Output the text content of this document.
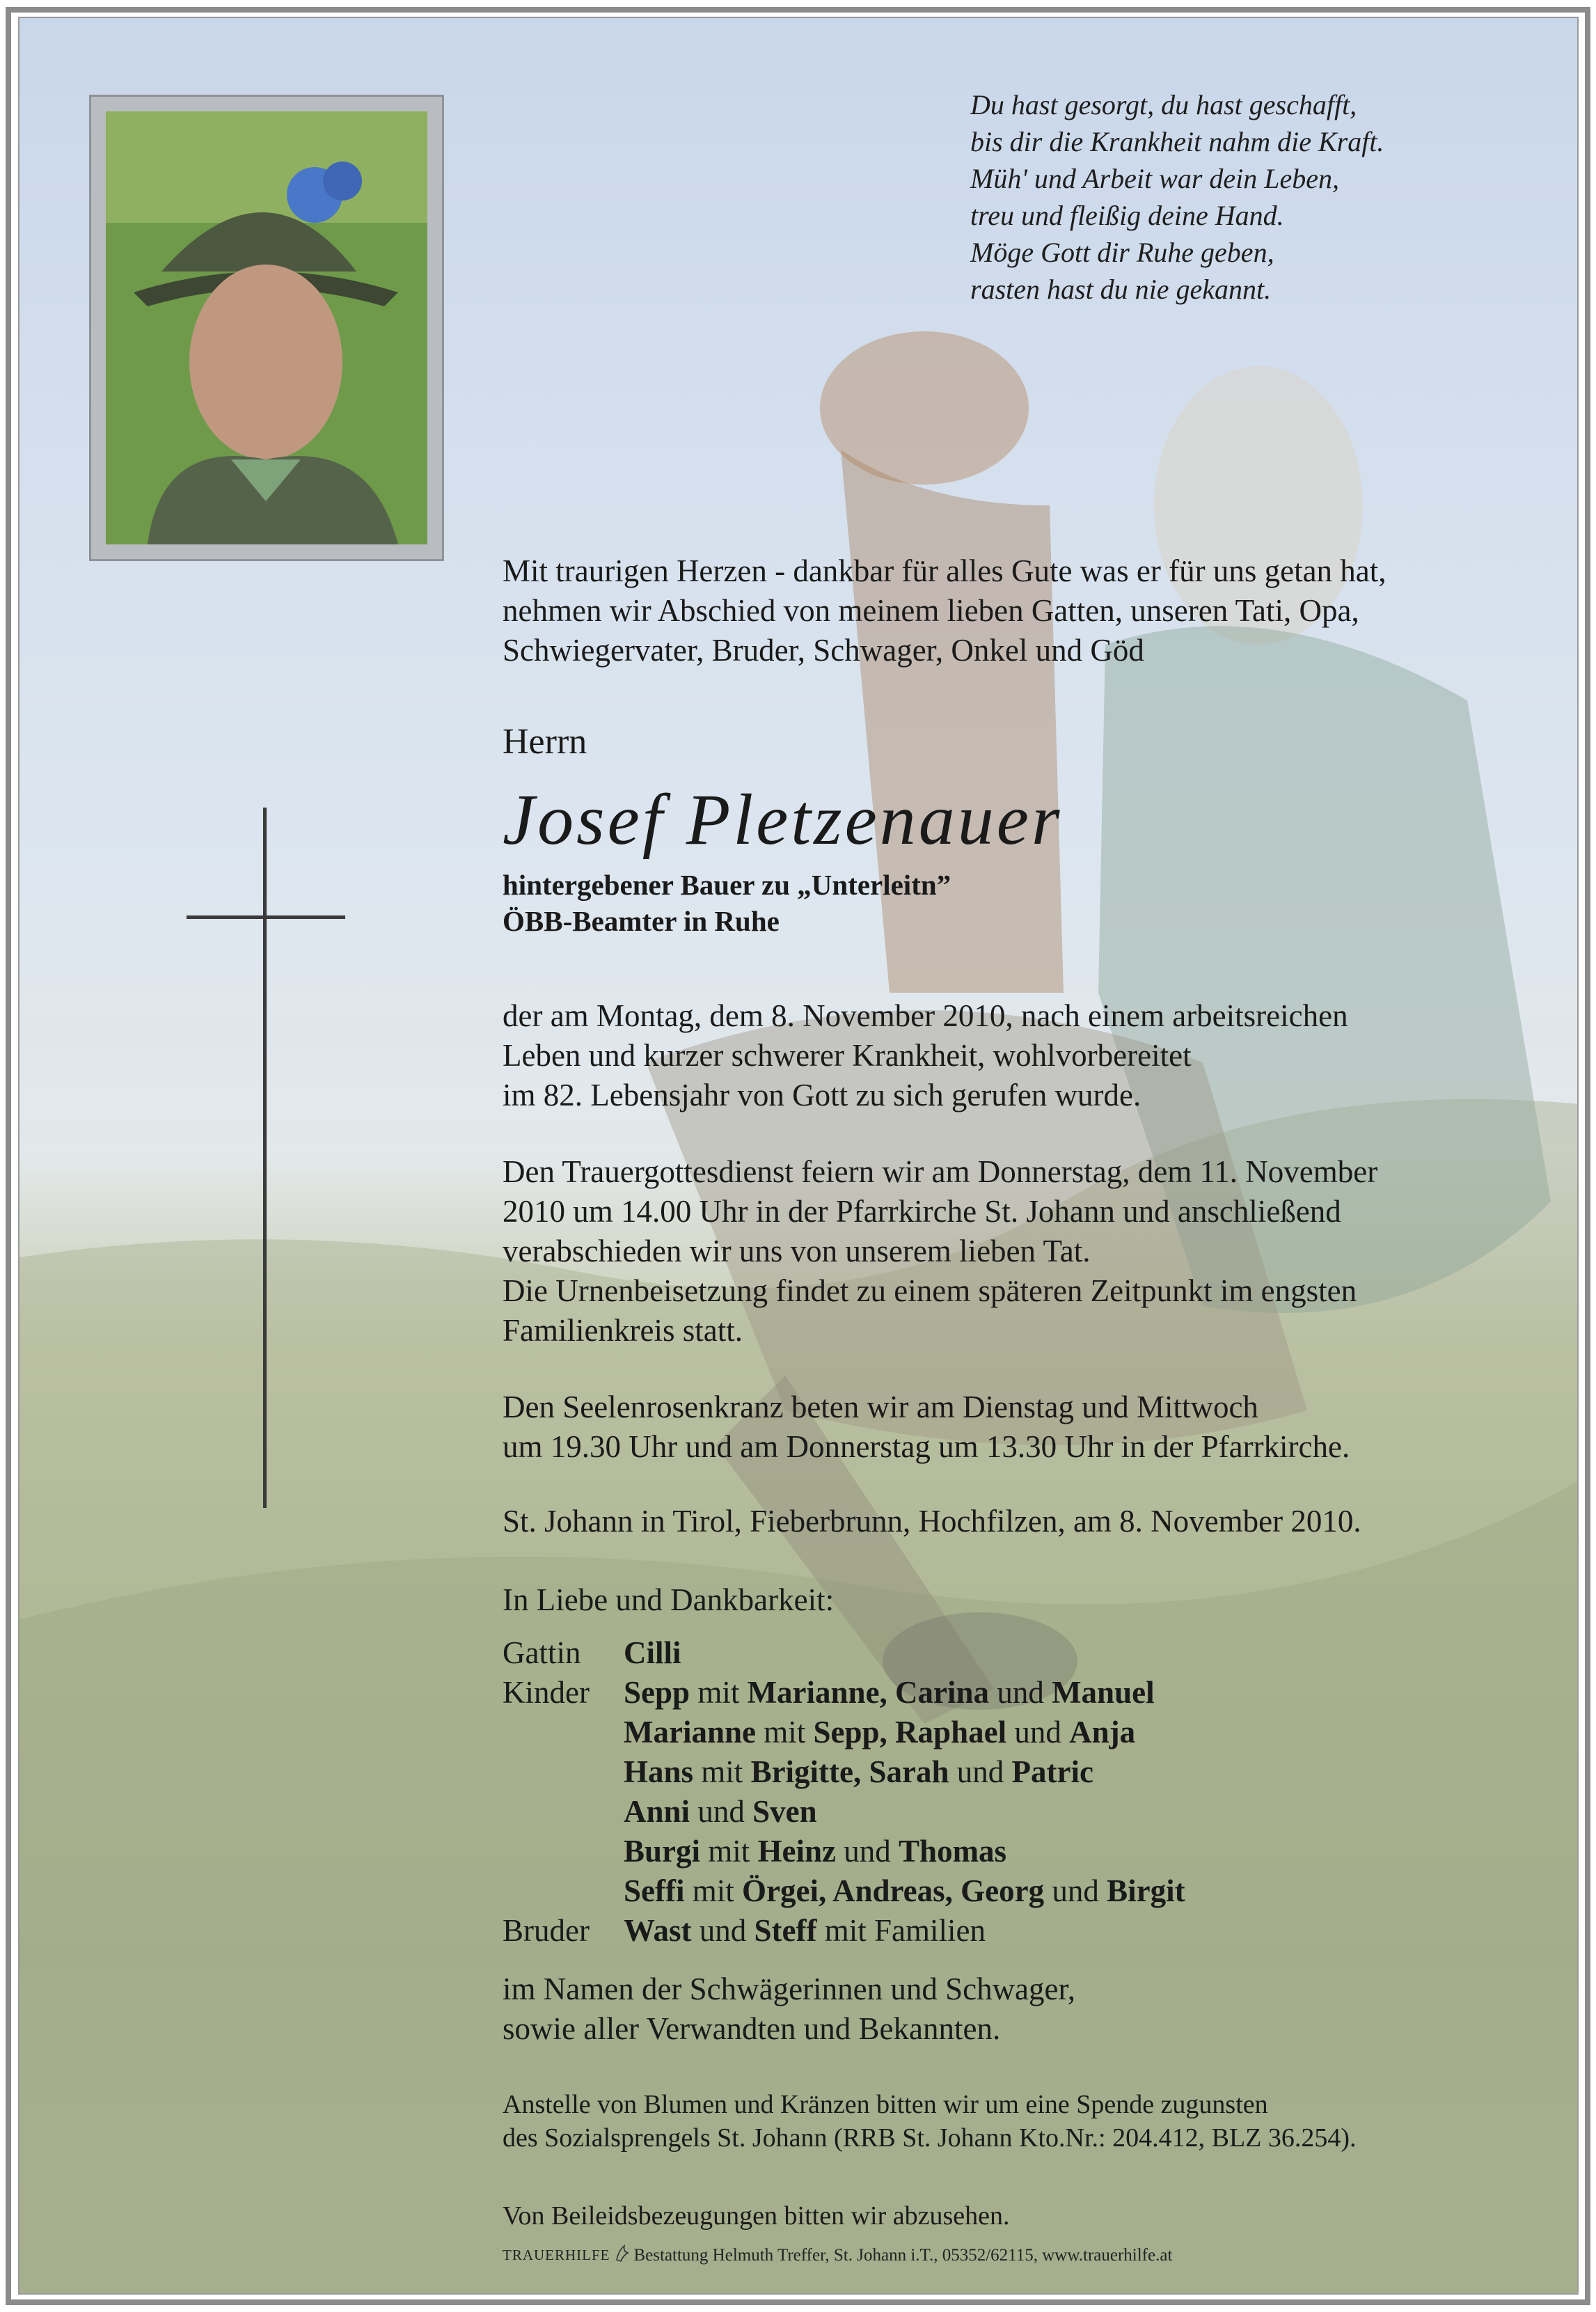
Du hast gesorgt, du hast geschafft,
bis dir die Krankheit nahm die Kraft.
Müh' und Arbeit war dein Leben,
treu und fleißig deine Hand.
Möge Gott dir Ruhe geben,
rasten hast du nie gekannt.
Mit traurigen Herzen - dankbar für alles Gute was er für uns getan hat,
nehmen wir Abschied von meinem lieben Gatten, unseren Tati, Opa,
Schwiegervater, Bruder, Schwager, Onkel und Göd
Herrn
Josef Pletzenauer
hintergebener Bauer zu „Unterleitn”
ÖBB-Beamter in Ruhe
der am Montag, dem 8. November 2010, nach einem arbeitsreichen
Leben und kurzer schwerer Krankheit, wohlvorbereitet
im 82. Lebensjahr von Gott zu sich gerufen wurde.
Den Trauergottesdienst feiern wir am Donnerstag, dem 11. November
2010 um 14.00 Uhr in der Pfarrkirche St. Johann und anschließend
verabschieden wir uns von unserem lieben Tat.
Die Urnenbeisetzung findet zu einem späteren Zeitpunkt im engsten
Familienkreis statt.
Den Seelenrosenkranz beten wir am Dienstag und Mittwoch
um 19.30 Uhr und am Donnerstag um 13.30 Uhr in der Pfarrkirche.
St. Johann in Tirol, Fieberbrunn, Hochfilzen, am 8. November 2010.
In Liebe und Dankbarkeit:
Gattin	Cilli
Kinder	Sepp mit Marianne, Carina und Manuel
Marianne mit Sepp, Raphael und Anja
Hans mit Brigitte, Sarah und Patric
Anni und Sven
Burgi mit Heinz und Thomas
Seffi mit Örgei, Andreas, Georg und Birgit
Bruder	Wast und Steff mit Familien
im Namen der Schwägerinnen und Schwager,
sowie aller Verwandten und Bekannten.
Anstelle von Blumen und Kränzen bitten wir um eine Spende zugunsten
des Sozialsprengels St. Johann (RRB St. Johann Kto.Nr.: 204.412, BLZ 36.254).
Von Beileidsbezeugungen bitten wir abzusehen.
TRAUERHILFE Bestattung Helmuth Treffer, St. Johann i.T., 05352/62115, www.trauerhilfe.at
